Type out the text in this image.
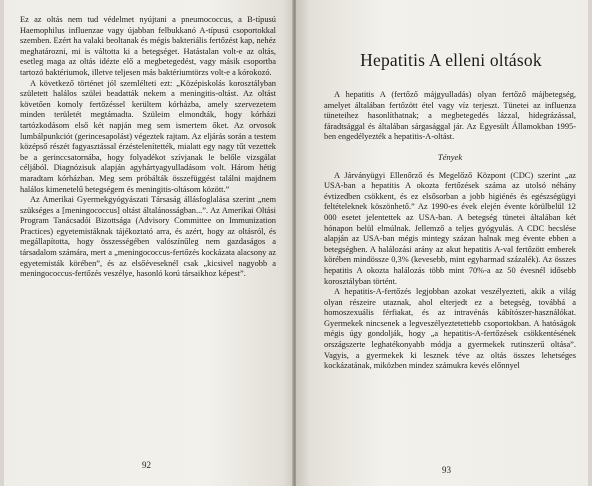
Ez az oltás nem tud védelmet nyújtani a pneumococcus, a B-típusú Haemophilus influenzae vagy újabban felbukkanó A-típusú csoportokkal szemben. Ezért ha valaki beoltanak és mégis bakteriális fertőzést kap, nehéz meghatározni, mi is váltotta ki a betegséget. Hatástalan volt-e az oltás, esetleg maga az oltás idézte elő a megbetegedést, vagy másik csoportba tartozó baktériumok, illetve teljesen más baktériumtörzs volt-e a kórokozó.

A következő történet jól szemlélteti ezt: „Középiskolás korosztályban született halálos szülei beadatták nekem a meningitis-oltást. Az oltást követően komoly fertőzéssel kerültem kórházba, amely szervezetem minden területét megtámadta. Szüleim elmondták, hogy kórházi tartózkodásom első két napján meg sem ismertem őket. Az orvosok lumbálpunkciót (gerincesapolást) végeztek rajtam. Az eljárás során a testem középső részét fagyasztással érzéstelenítették, mialatt egy nagy tűt vezettek be a gerinccsatornába, hogy folyadékot szívjanak le belőle vizsgálat céljából. Diagnózisuk alapján agyhártyagyulladásom volt. Három hétig maradtam kórházban. Meg sem próbálták összefüggést találni majdnem halálos kimenetelű betegségem és meningitis-oltásom között.”

Az Amerikai Gyermekgyógyászati Társaság állásfoglalása szerint „nem szükséges a [meningococcus] oltást általánosságban...”. Az Amerikai Oltási Program Tanácsadói Bizottsága (Advisory Committee on Immunization Practices) egyetemistáknak tájékoztató arra, és azért, hogy az oltásról, és megállapította, hogy összességében valószínűleg nem gazdaságos a társadalom számára, mert a „meningococcus-fertőzés kockázata alacsony az egyetemisták körében”, és az elsőéveseknél csak „kicsivel nagyobb a meningococcus-fertőzés veszélye, hasonló korú társaikhoz képest”.

92
Hepatitis A elleni oltások

A hepatitis A (fertőző májgyulladás) olyan fertőző májbetegség, amelyet általában fertőzött étel vagy víz terjeszt. Tünetei az influenza tüneteihez hasonlíthatnak; a megbetegedés lázzal, hidegrázással, fáradtsággal és általában sárgasággal jár. Az Egyesült Államokban 1995-ben engedélyezték a hepatitis-A-oltást.

Tények

A Járványügyi Ellenőrző és Megelőző Központ (CDC) szerint „az USA-ban a hepatitis A okozta fertőzések száma az utolsó néhány évtizedben csökkent, és ez elsősorban a jobb higiénés és egészségügyi feltételeknek köszönhető.” Az 1990-es évek elején évente körülbelül 12 000 esetet jelentettek az USA-ban. A betegség tünetei általában két hónapon belül elmúlnak. Jellemző a teljes gyógyulás. A CDC becslése alapján az USA-ban mégis mintegy százan halnak meg évente ebben a betegségben. A halálozási arány az akut hepatitis A-val fertőzött emberek körében mindössze 0,3% (kevesebb, mint egyharmad százalék). Az összes hepatitis A okozta halálozás több mint 70%-a az 50 évesnél idősebb korosztályban történt.

A hepatitis-A-fertőzés legjobban azokat veszélyezteti, akik a világ olyan részeire utaznak, ahol elterjedt ez a betegség, továbbá a homoszexuális férfiakat, és az intravénás kábítószer-használókat. Gyermekek nincsenek a legveszélyeztetettebb csoportokban. A hatóságok mégis úgy gondolják, hogy „a hepatitis-A-fertőzések csökkentésének országszerte leghatékonyabb módja a gyermekek rutinszerű oltása”. Vagyis, a gyermekek ki lesznek téve az oltás összes lehetséges kockázatának, miközben mindez számukra kevés előnnyel

93
